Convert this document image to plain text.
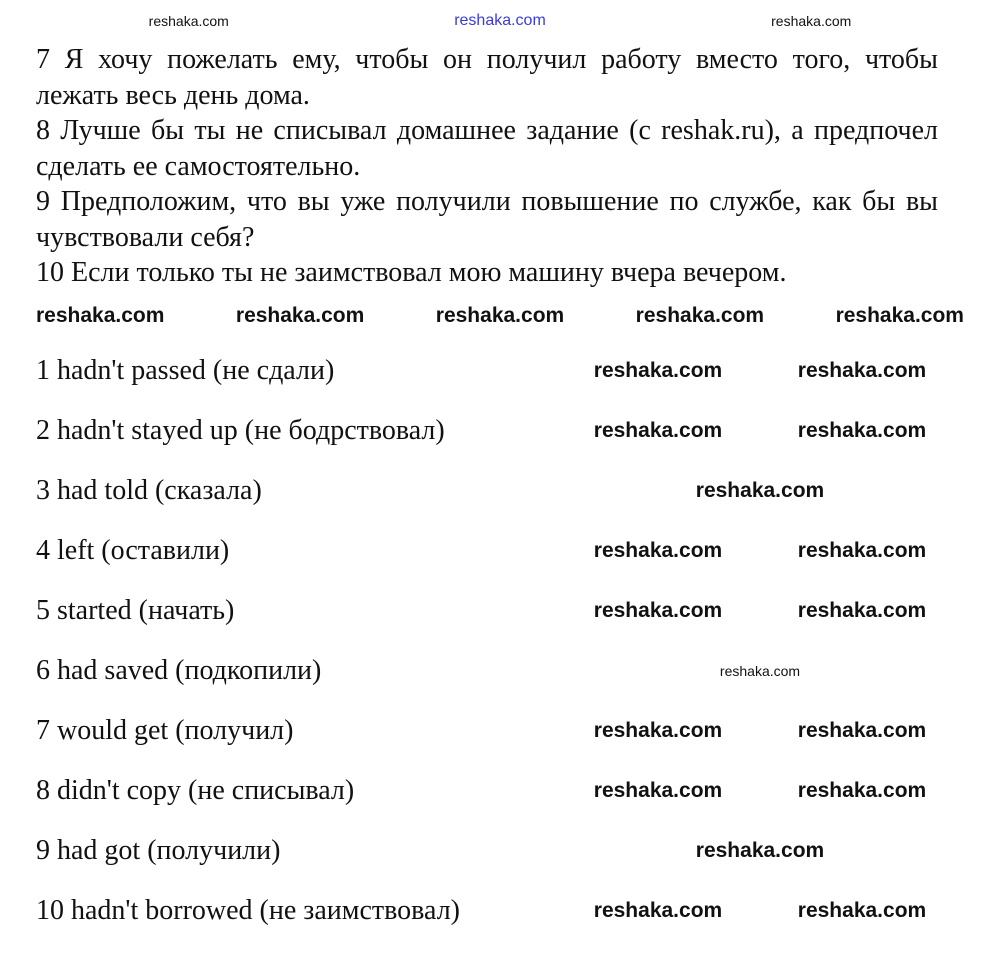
reshaka.com	reshaka.com	reshaka.com
7 Я хочу пожелать ему, чтобы он получил работу вместо того, чтобы лежать весь день дома.
8 Лучше бы ты не списывал домашнее задание (с reshak.ru), а предпочел сделать ее самостоятельно.
9 Предположим, что вы уже получили повышение по службе, как бы вы чувствовали себя?
10 Если только ты не заимствовал мою машину вчера вечером.
reshaka.com	reshaka.com	reshaka.com	reshaka.com	reshaka.com
1 hadn't passed (не сдали)	reshaka.com	reshaka.com
2 hadn't stayed up (не бодрствовал)	reshaka.com	reshaka.com
3 had told (сказала)	reshaka.com
4 left (оставили)	reshaka.com	reshaka.com
5 started (начать)	reshaka.com	reshaka.com
6 had saved (подкопили)	reshaka.com
7 would get (получил)	reshaka.com	reshaka.com
8 didn't copy (не списывал)	reshaka.com	reshaka.com
9 had got (получили)	reshaka.com
10 hadn't borrowed (не заимствовал)	reshaka.com	reshaka.com
